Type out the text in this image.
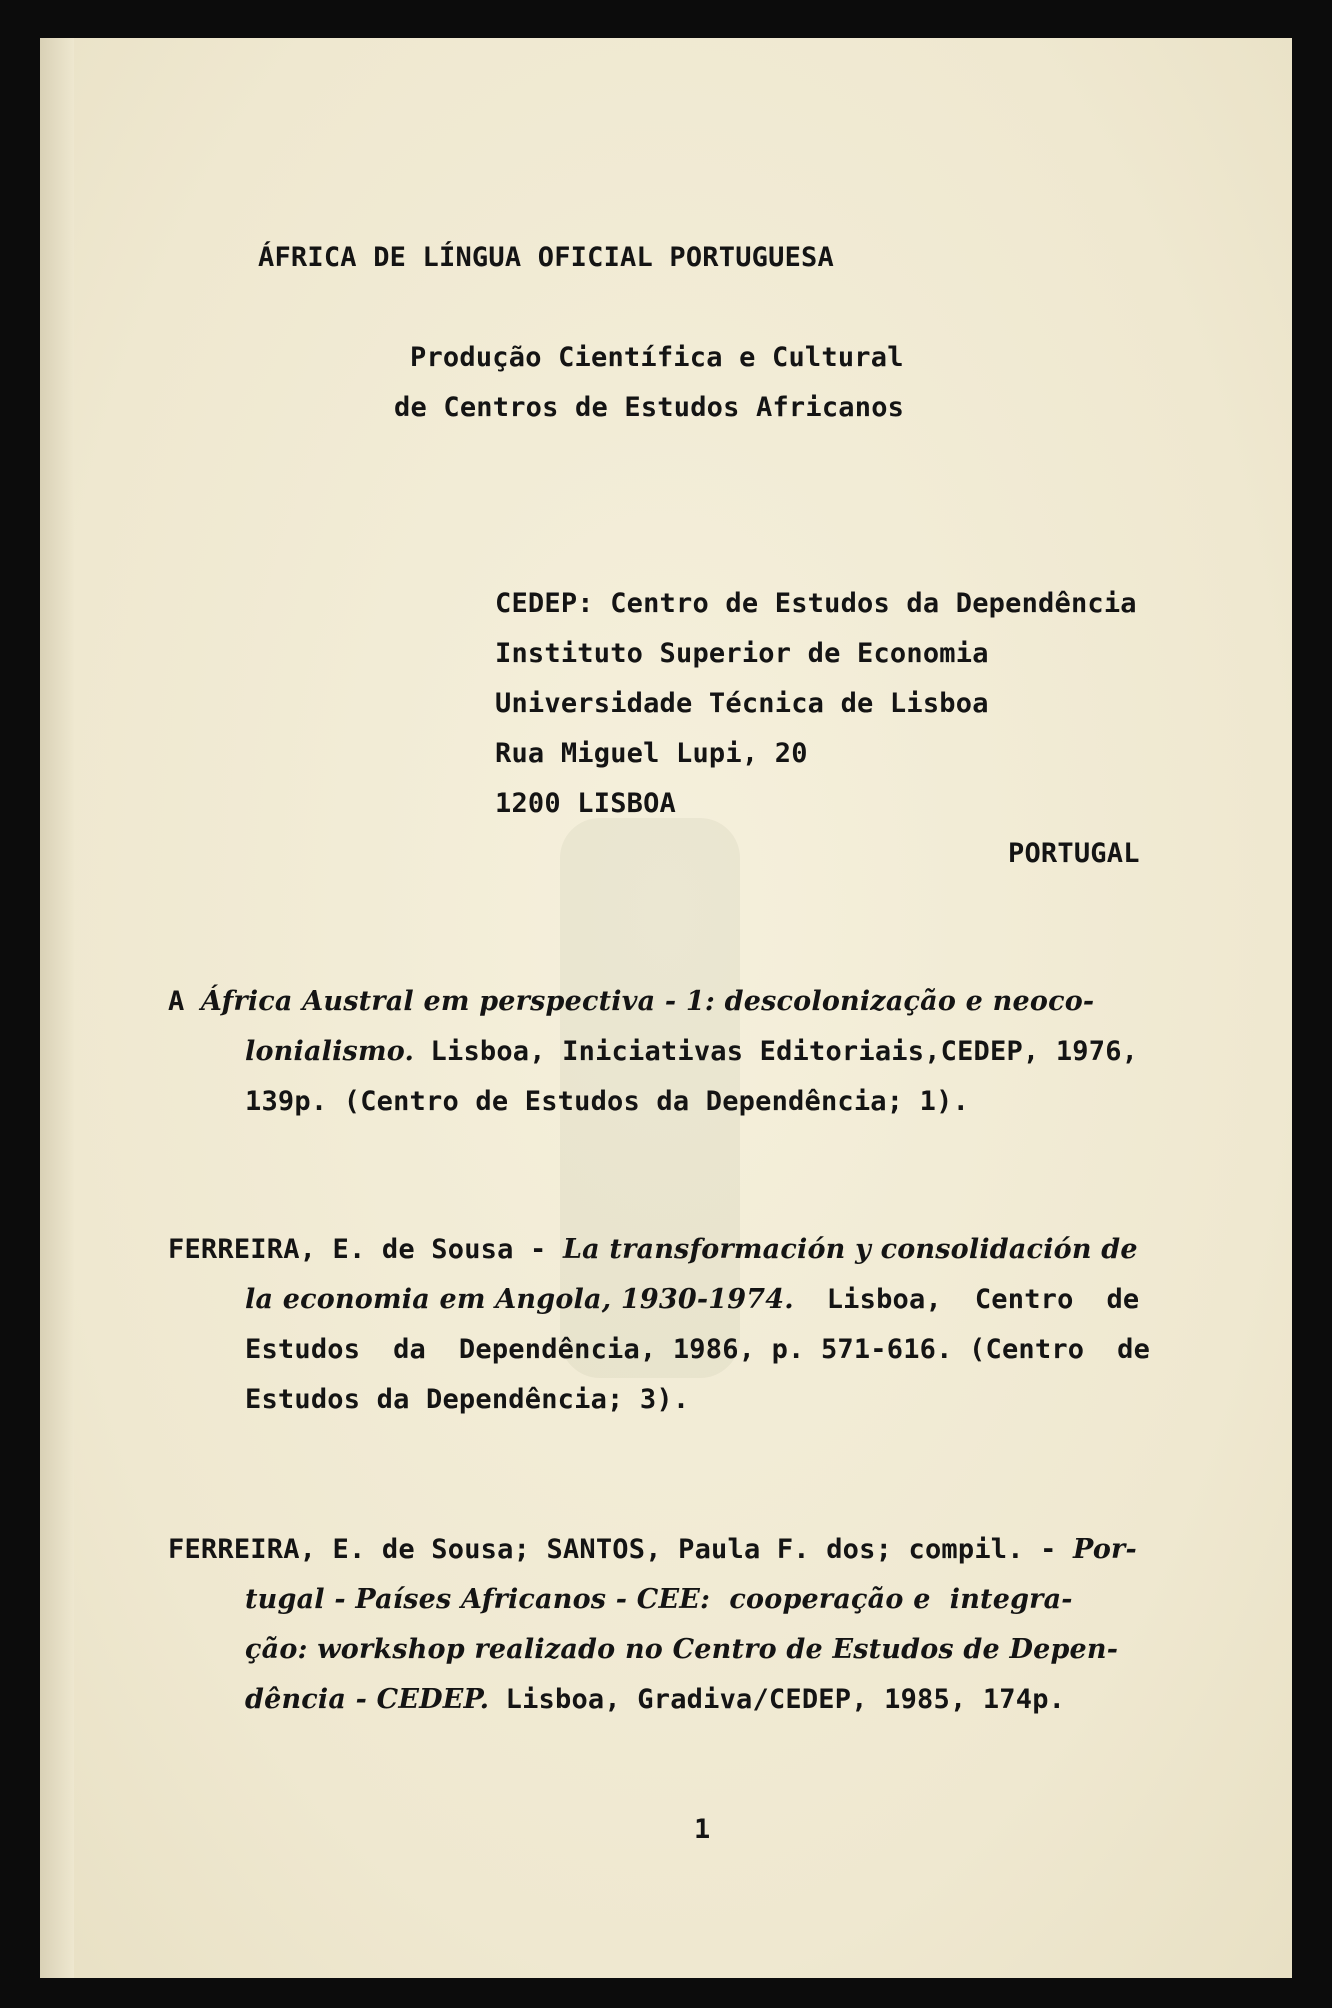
ÁFRICA DE LÍNGUA OFICIAL PORTUGUESA
Produção Científica e Cultural
de Centros de Estudos Africanos
CEDEP: Centro de Estudos da Dependência
Instituto Superior de Economia
Universidade Técnica de Lisboa
Rua Miguel Lupi, 20
1200 LISBOA
PORTUGAL
A África Austral em perspectiva - 1: descolonização e neoco-
lonialismo. Lisboa, Iniciativas Editoriais,CEDEP, 1976,
139p. (Centro de Estudos da Dependência; 1).
FERREIRA, E. de Sousa - La transformación y consolidación de
la economia em Angola, 1930-1974.  Lisboa,  Centro  de
Estudos  da  Dependência, 1986, p. 571-616. (Centro  de
Estudos da Dependência; 3).
FERREIRA, E. de Sousa; SANTOS, Paula F. dos; compil. - Por-
tugal - Países Africanos - CEE:  cooperação e  integra-
ção: workshop realizado no Centro de Estudos de Depen-
dência - CEDEP. Lisboa, Gradiva/CEDEP, 1985, 174p.
1
